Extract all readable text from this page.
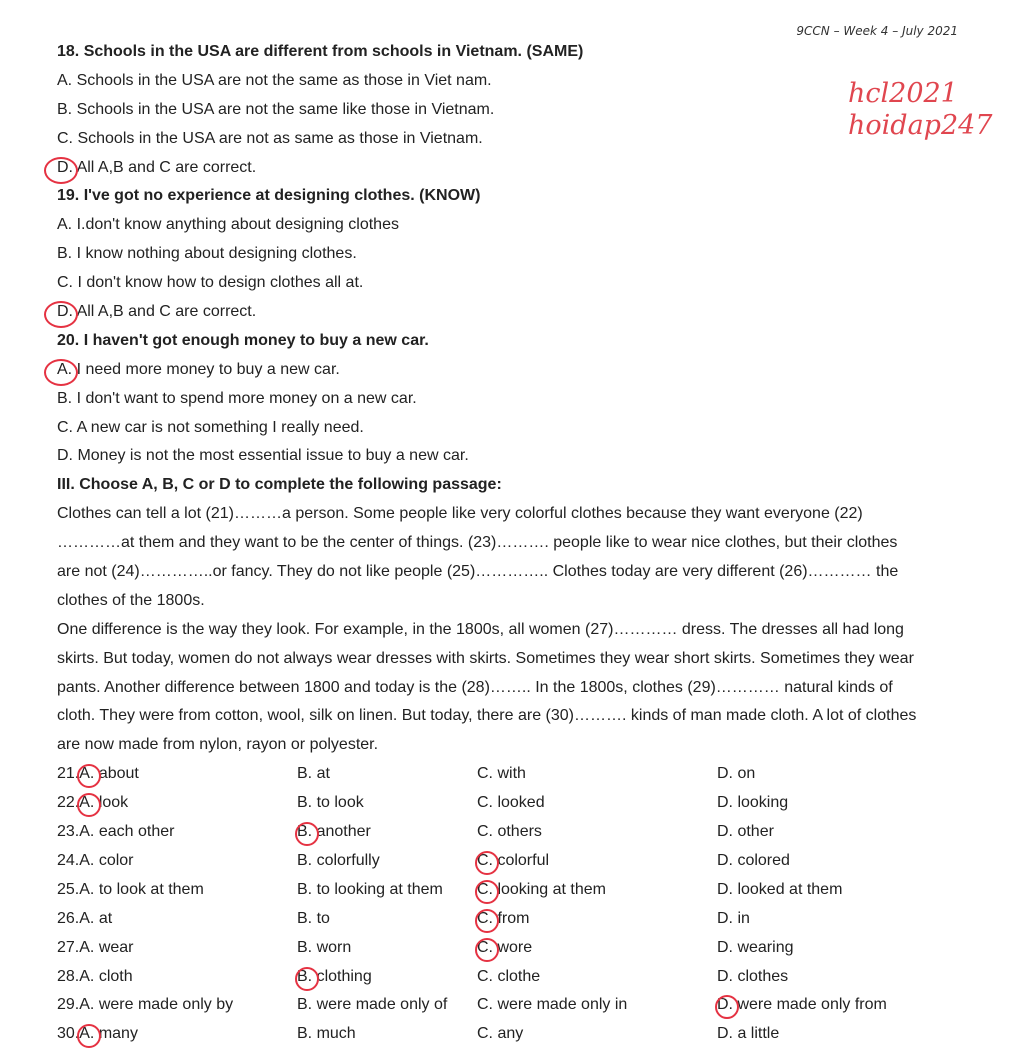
9CCN – Week 4 – July 2021
hcl2021
hoidap247
18. Schools in the USA are different from schools in Vietnam. (SAME)
A. Schools in the USA are not the same as those in Viet nam.
B. Schools in the USA are not the same like those in Vietnam.
C. Schools in the USA are not as same as those in Vietnam.
D. All A,B and C are correct.
19. I've got no experience at designing clothes. (KNOW)
A. I.don't know anything about designing clothes
B. I know nothing about designing clothes.
C. I don't know how to design clothes all at.
D. All A,B and C are correct.
20. I haven't got enough money to buy a new car.
A. I need more money to buy a new car.
B. I don't want to spend more money on a new car.
C. A new car is not something I really need.
D. Money is not the most essential issue to buy a new car.
III. Choose A, B, C or D to complete the following passage:
Clothes can tell a lot (21)………a person. Some people like very colorful clothes because they want everyone (22)
…………at them and they want to be the center of things. (23)………. people like to wear nice clothes, but their clothes
are not (24)…………..or fancy. They do not like people (25)………….. Clothes today are very different (26)………… the
clothes of the 1800s.
One difference is the way they look. For example, in the 1800s, all women (27)………… dress. The dresses all had long
skirts. But today, women do not always wear dresses with skirts. Sometimes they wear short skirts. Sometimes they wear
pants. Another difference between 1800 and today is the (28)…….. In the 1800s, clothes (29)………… natural kinds of
cloth. They were from cotton, wool, silk on linen. But today, there are (30)………. kinds of man made cloth. A lot of clothes
are now made from nylon, rayon or polyester.
21.A. about	B. at	C. with	D. on
22.A. look	B. to look	C. looked	D. looking
23.A. each other	B. another	C. others	D. other
24.A. color	B. colorfully	C. colorful	D. colored
25.A. to look at them	B. to looking at them C. looking at them	D. looked at them
26.A. at	B. to	C. from	D. in
27.A. wear	B. worn	C. wore	D. wearing
28.A. cloth	B. clothing	C. clothe	D. clothes
29.A. were made only by	B. were made only of C. were made only in	D. were made only from
30.A. many	B. much	C. any	D. a little
